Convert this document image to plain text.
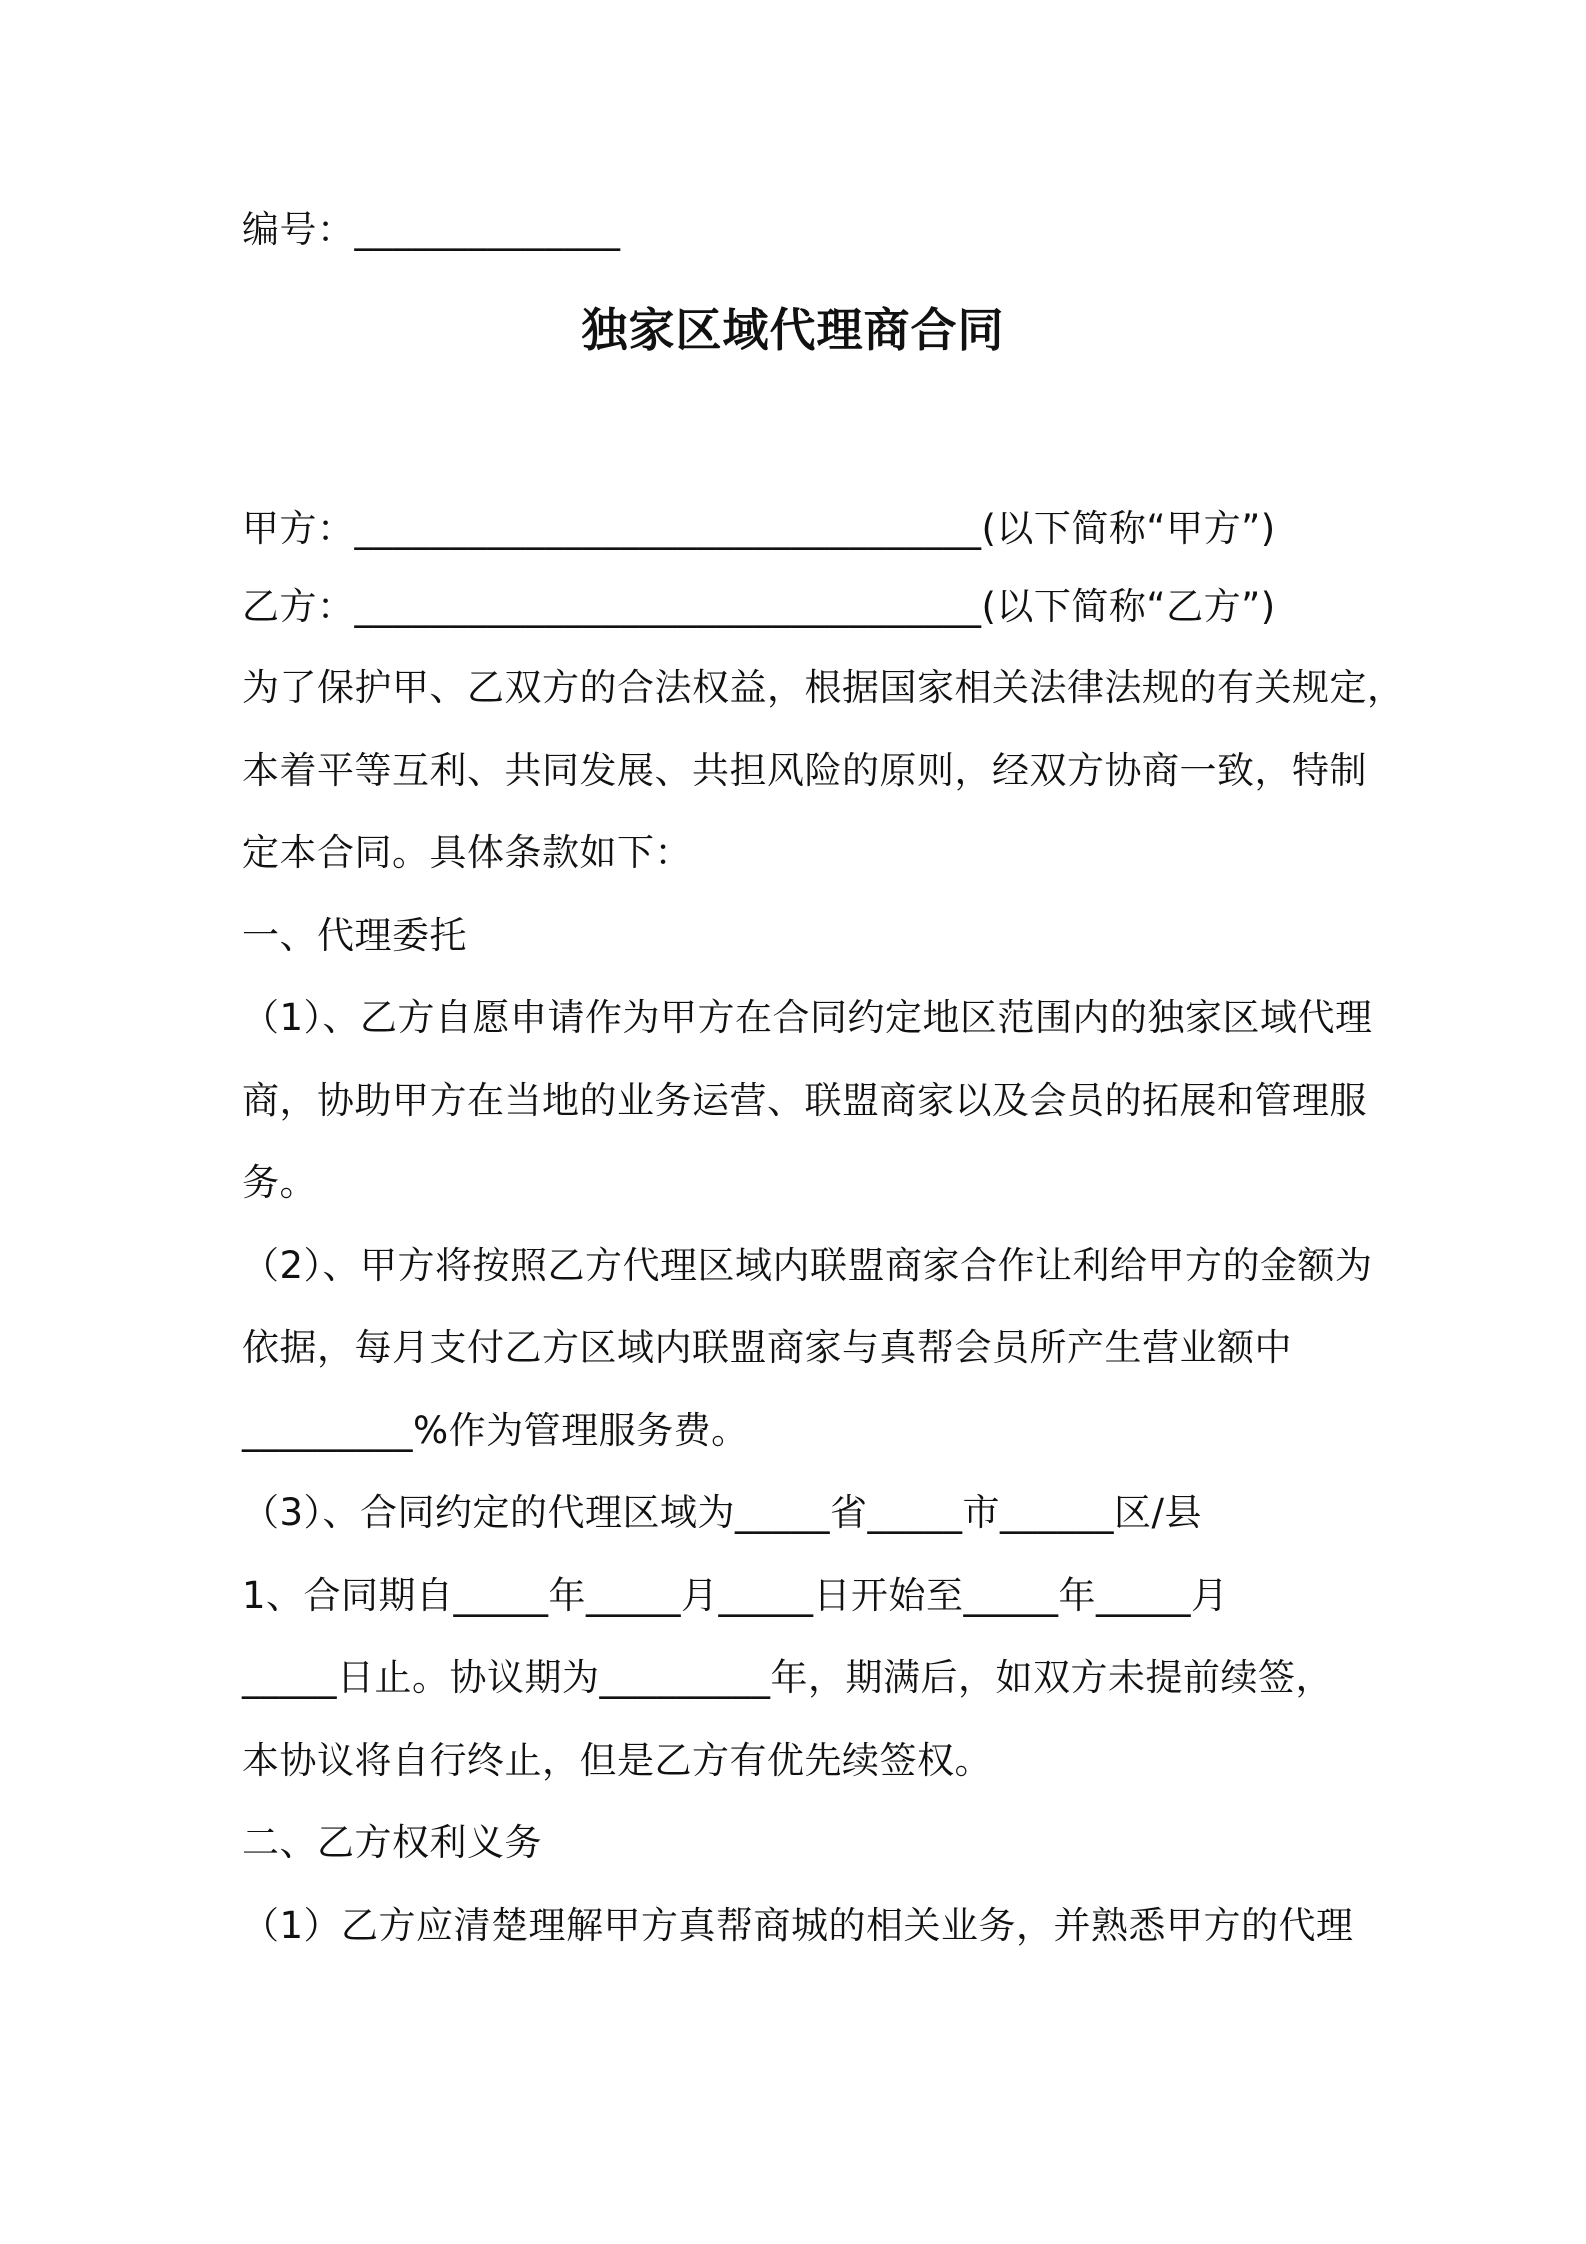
编号：______________
独家区域代理商合同
甲方：_________________________________(以下简称“甲方”)
乙方：_________________________________(以下简称“乙方”)
为了保护甲、乙双方的合法权益，根据国家相关法律法规的有关规定，
本着平等互利、共同发展、共担风险的原则，经双方协商一致，特制
定本合同。具体条款如下：
一、代理委托
（1）、乙方自愿申请作为甲方在合同约定地区范围内的独家区域代理
商，协助甲方在当地的业务运营、联盟商家以及会员的拓展和管理服
务。
（2）、甲方将按照乙方代理区域内联盟商家合作让利给甲方的金额为
依据，每月支付乙方区域内联盟商家与真帮会员所产生营业额中
_________%作为管理服务费。
（3）、合同约定的代理区域为_____省_____市______区/县
1、合同期自_____年_____月_____日开始至_____年_____月
_____日止。协议期为_________年，期满后，如双方未提前续签，
本协议将自行终止，但是乙方有优先续签权。
二、乙方权利义务
（1）乙方应清楚理解甲方真帮商城的相关业务，并熟悉甲方的代理
